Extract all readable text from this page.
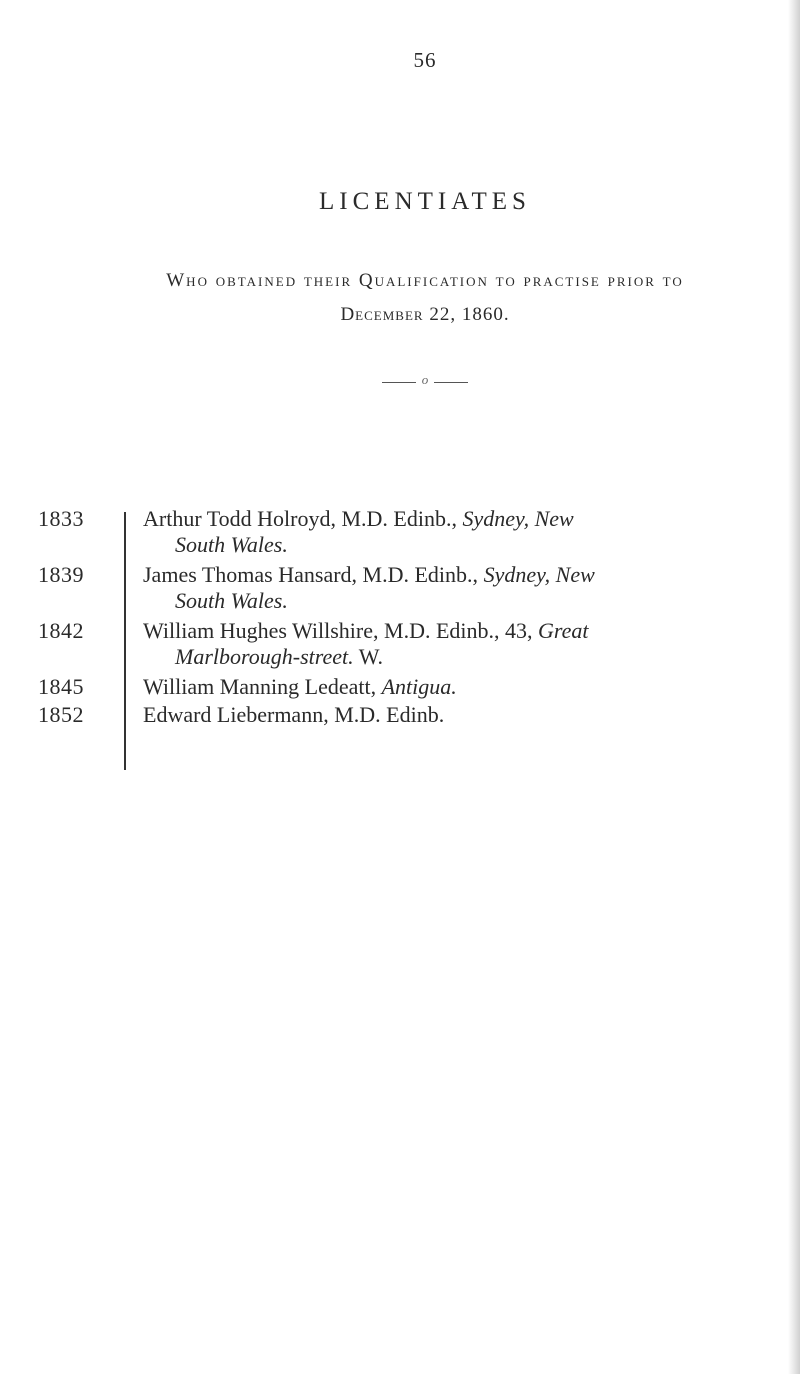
56
LICENTIATES
Who obtained their Qualification to practise prior to
December 22, 1860.
o
1833	Arthur Todd Holroyd, M.D. Edinb., Sydney, New
South Wales.
1839	James Thomas Hansard, M.D. Edinb., Sydney, New
South Wales.
1842	William Hughes Willshire, M.D. Edinb., 43, Great
Marlborough-street. W.
1845	William Manning Ledeatt, Antigua.
1852	Edward Liebermann, M.D. Edinb.
